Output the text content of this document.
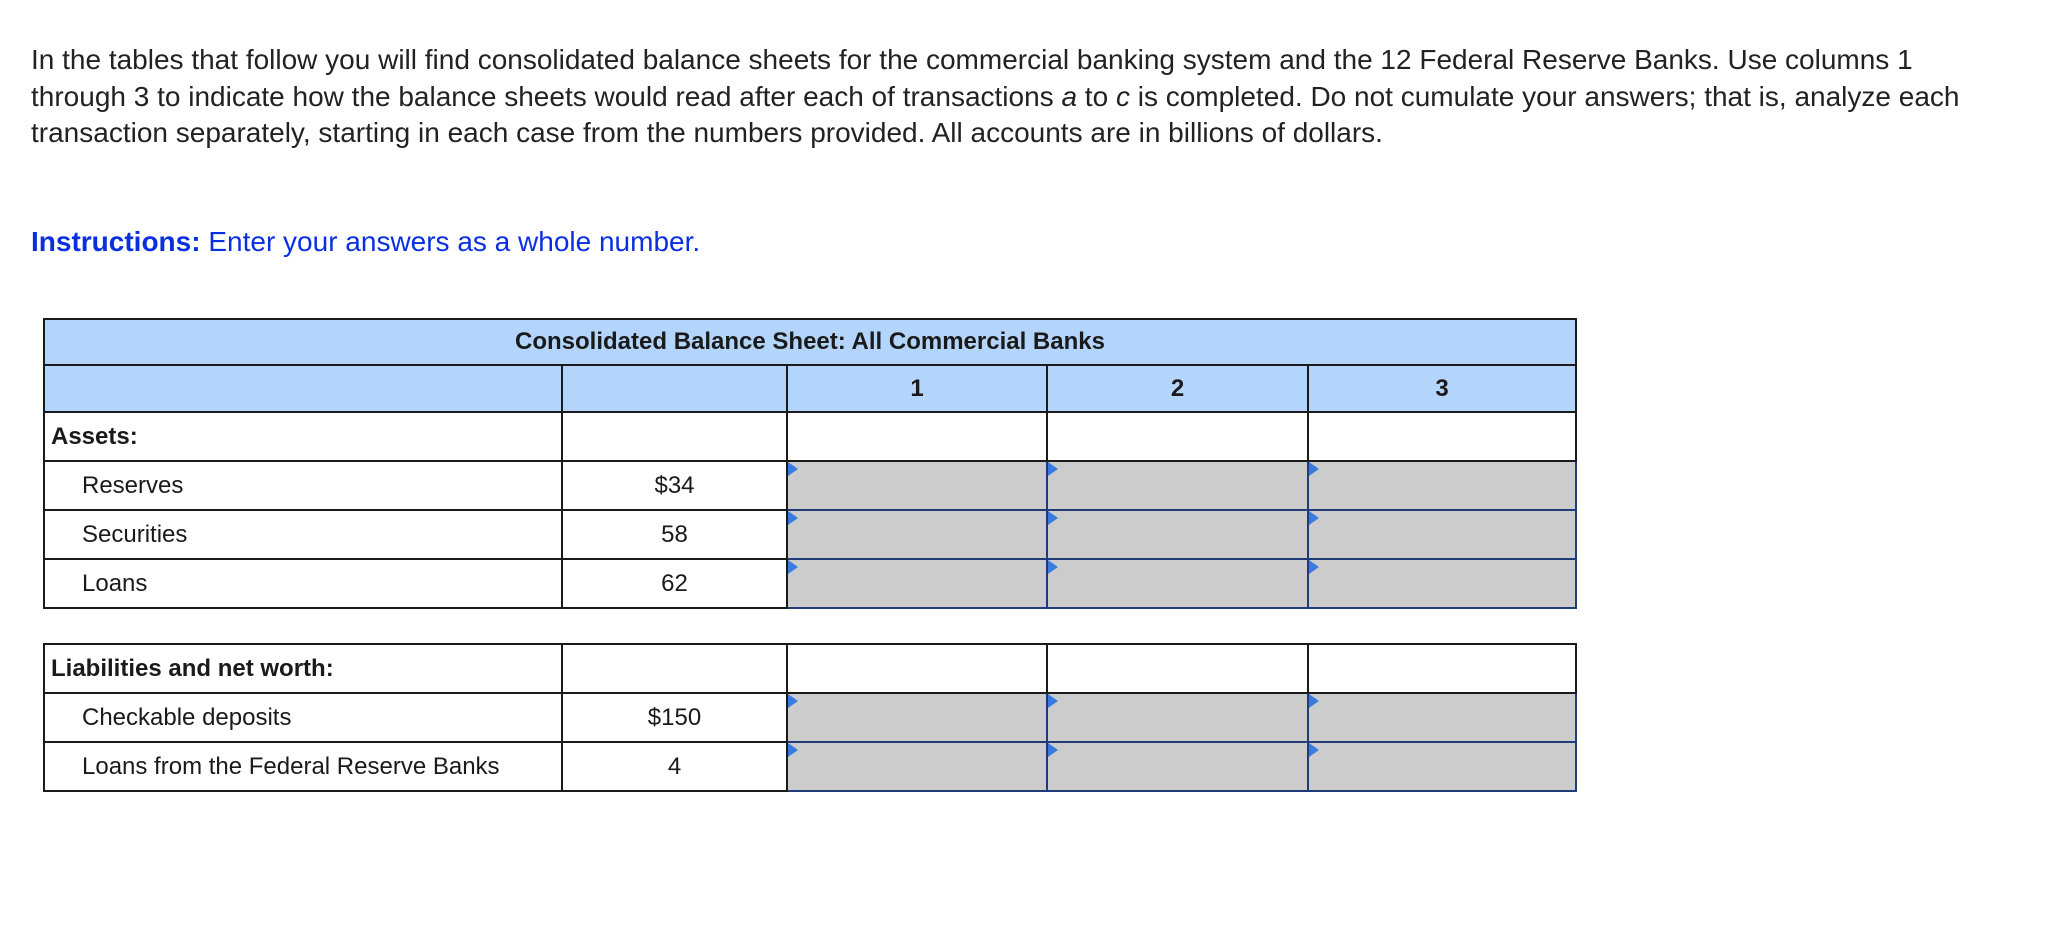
In the tables that follow you will find consolidated balance sheets for the commercial banking system and the 12 Federal Reserve Banks. Use columns 1 through 3 to indicate how the balance sheets would read after each of transactions a to c is completed. Do not cumulate your answers; that is, analyze each transaction separately, starting in each case from the numbers provided. All accounts are in billions of dollars.

Instructions: Enter your answers as a whole number.

Consolidated Balance Sheet: All Commercial Banks				
		1	2	3
Assets:				
Reserves	$34	

Securities	58	

Loans	62	

Liabilities and net worth:				
Checkable deposits	$150	

Loans from the Federal Reserve Banks	4	
